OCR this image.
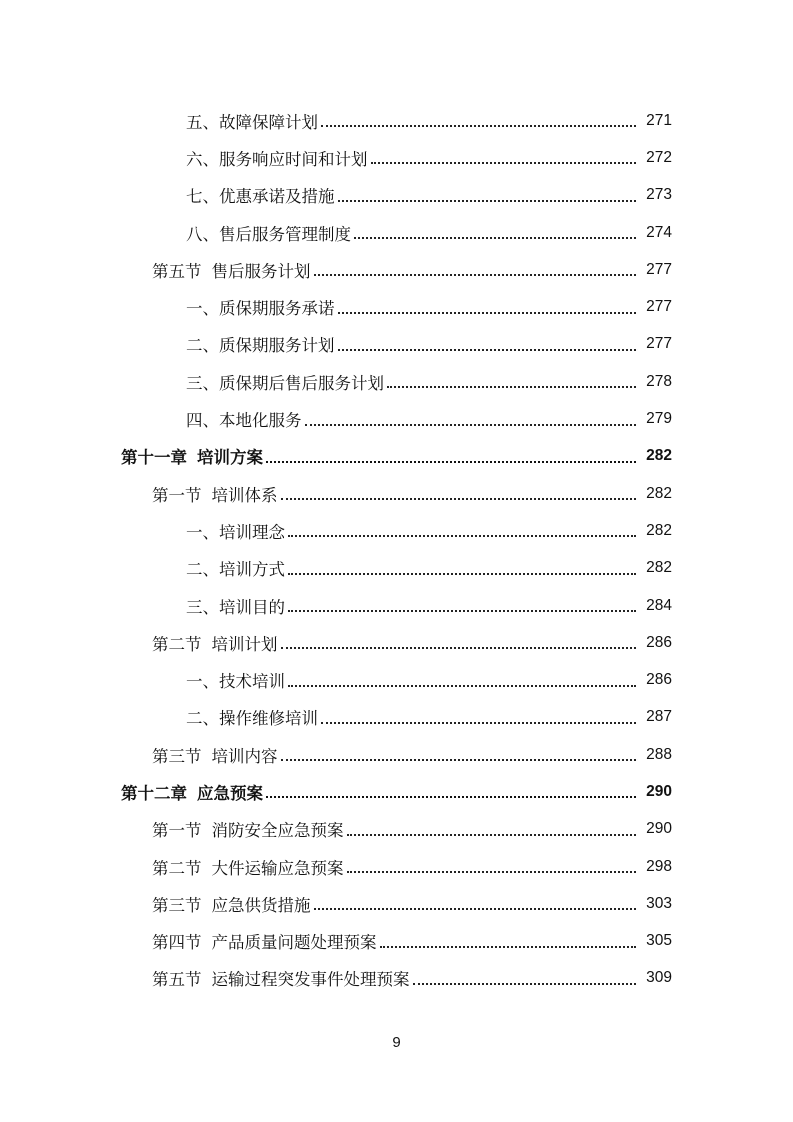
五、故障保障计划	271
六、服务响应时间和计划	272
七、优惠承诺及措施	273
八、售后服务管理制度	274
第五节 售后服务计划	277
一、质保期服务承诺	277
二、质保期服务计划	277
三、质保期后售后服务计划	278
四、本地化服务	279
第十一章 培训方案	282
第一节 培训体系	282
一、培训理念	282
二、培训方式	282
三、培训目的	284
第二节 培训计划	286
一、技术培训	286
二、操作维修培训	287
第三节 培训内容	288
第十二章 应急预案	290
第一节 消防安全应急预案	290
第二节 大件运输应急预案	298
第三节 应急供货措施	303
第四节 产品质量问题处理预案	305
第五节 运输过程突发事件处理预案	309
9
